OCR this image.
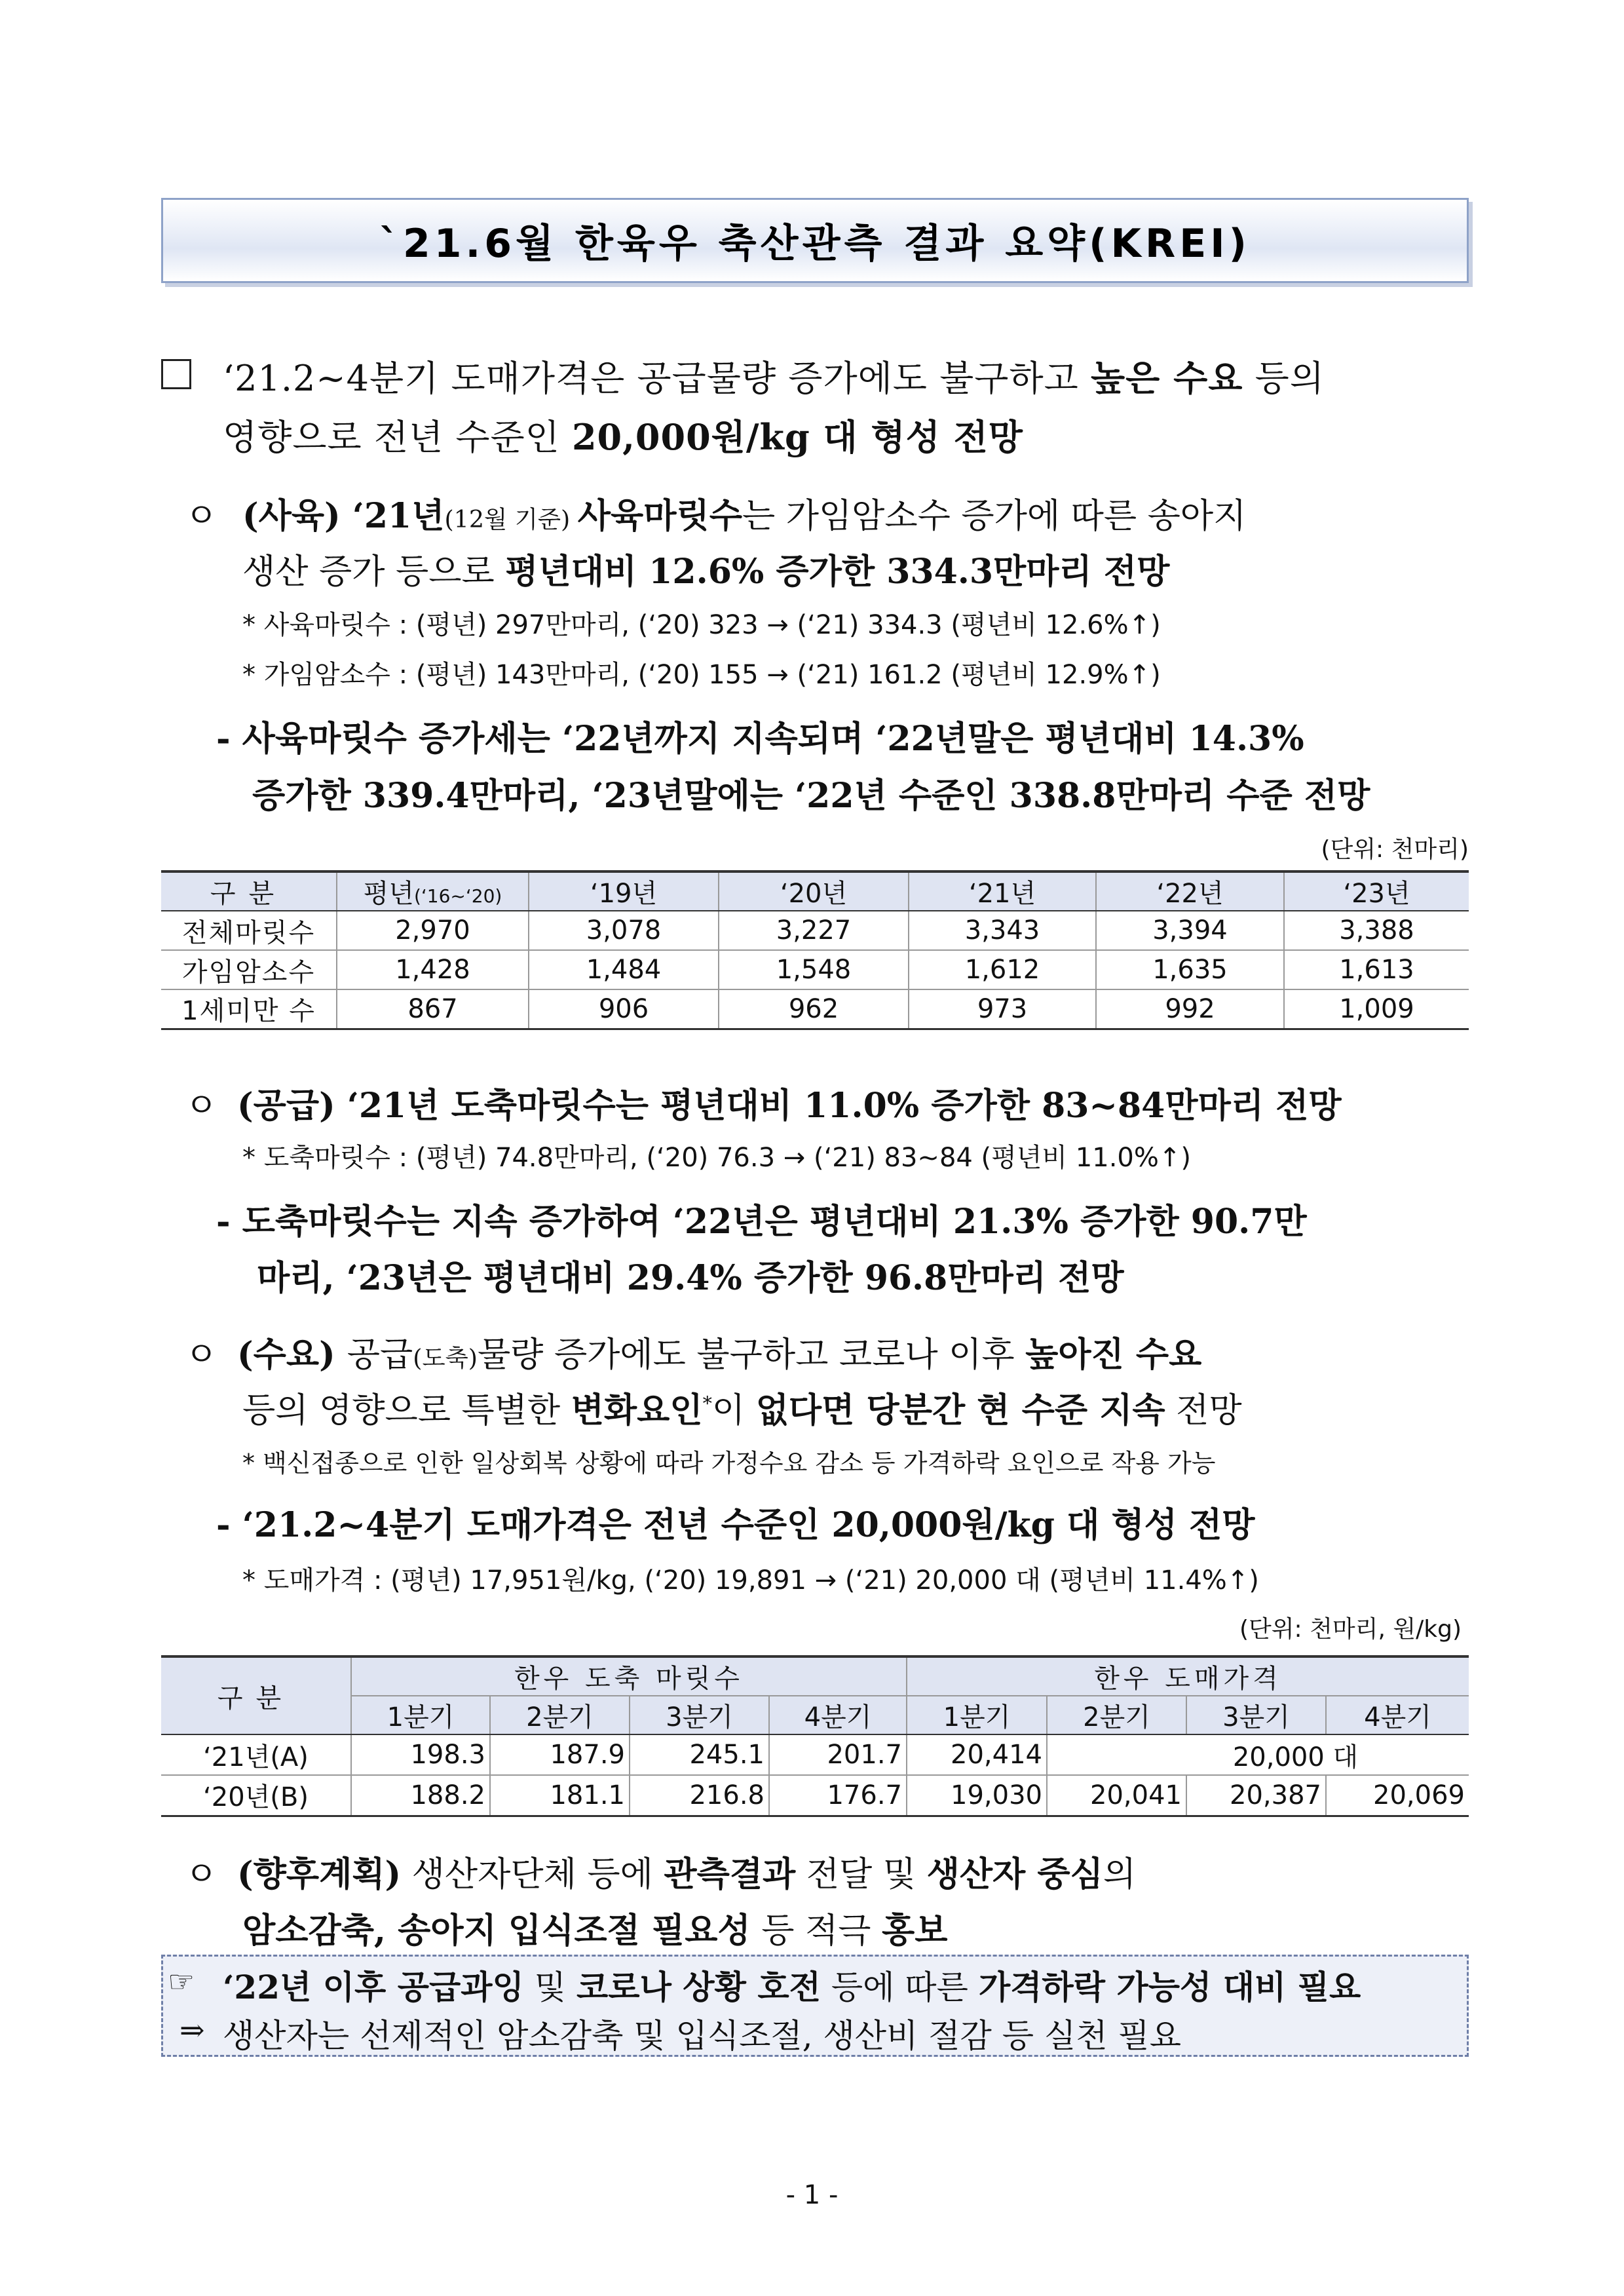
`21.6월 한육우 축산관측 결과 요약(KREI)
‘21.2~4분기 도매가격은 공급물량 증가에도 불구하고 높은 수요 등의
영향으로 전년 수준인 20,000원/kg 대 형성 전망
ㅇ (사육) ‘21년(12월 기준) 사육마릿수는 가임암소수 증가에 따른 송아지
생산 증가 등으로 평년대비 12.6% 증가한 334.3만마리 전망
* 사육마릿수 : (평년) 297만마리, (‘20) 323 → (‘21) 334.3 (평년비 12.6%↑)
* 가임암소수 : (평년) 143만마리, (‘20) 155 → (‘21) 161.2 (평년비 12.9%↑)
- 사육마릿수 증가세는 ‘22년까지 지속되며 ‘22년말은 평년대비 14.3%
증가한 339.4만마리, ‘23년말에는 ‘22년 수준인 338.8만마리 수준 전망
(단위: 천마리)
구분	평년(‘16~‘20)	‘19년	‘20년	‘21년	‘22년	‘23년
전체마릿수	2,970	3,078	3,227	3,343	3,394	3,388
가임암소수	1,428	1,484	1,548	1,612	1,635	1,613
1세미만 수	867	906	962	973	992	1,009
ㅇ (공급) ‘21년 도축마릿수는 평년대비 11.0% 증가한 83~84만마리 전망
* 도축마릿수 : (평년) 74.8만마리, (‘20) 76.3 → (‘21) 83~84 (평년비 11.0%↑)
- 도축마릿수는 지속 증가하여 ‘22년은 평년대비 21.3% 증가한 90.7만
마리, ‘23년은 평년대비 29.4% 증가한 96.8만마리 전망
ㅇ (수요) 공급(도축)물량 증가에도 불구하고 코로나 이후 높아진 수요
등의 영향으로 특별한 변화요인*이 없다면 당분간 현 수준 지속 전망
* 백신접종으로 인한 일상회복 상황에 따라 가정수요 감소 등 가격하락 요인으로 작용 가능
- ‘21.2~4분기 도매가격은 전년 수준인 20,000원/kg 대 형성 전망
* 도매가격 : (평년) 17,951원/kg, (‘20) 19,891 → (‘21) 20,000 대 (평년비 11.4%↑)
(단위: 천마리, 원/kg)
구분	한우 도축 마릿수				한우 도매가격			
	1분기	2분기	3분기	4분기	1분기	2분기	3분기	4분기
‘21년(A)	198.3	187.9	245.1	201.7	20,414	20,000 대		
‘20년(B)	188.2	181.1	216.8	176.7	19,030	20,041	20,387	20,069
ㅇ (향후계획) 생산자단체 등에 관측결과 전달 및 생산자 중심의
암소감축, 송아지 입식조절 필요성 등 적극 홍보
☞ ‘22년 이후 공급과잉 및 코로나 상황 호전 등에 따른 가격하락 가능성 대비 필요
⇒ 생산자는 선제적인 암소감축 및 입식조절, 생산비 절감 등 실천 필요
- 1 -
